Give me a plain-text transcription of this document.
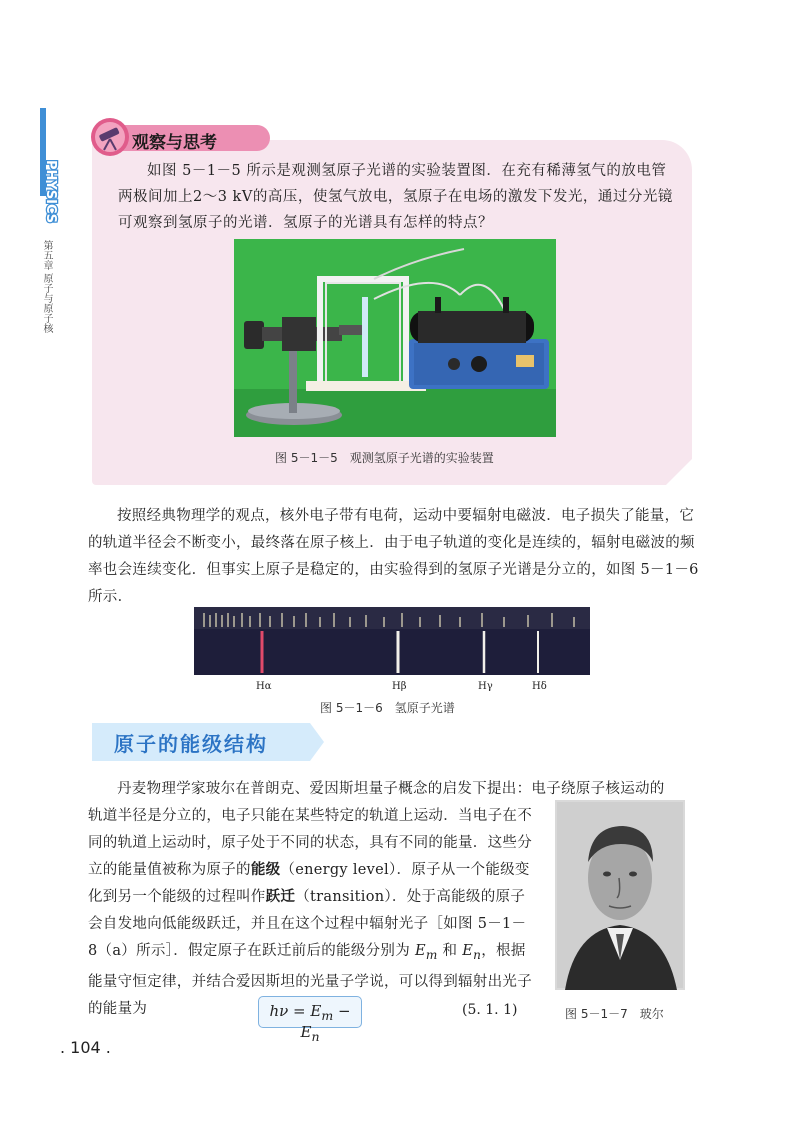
PHYSICS
第五章 原子与原子核
观察与思考
如图 5－1－5 所示是观测氢原子光谱的实验装置图．在充有稀薄氢气的放电管两极间加上2～3 kV的高压，使氢气放电，氢原子在电场的激发下发光，通过分光镜可观察到氢原子的光谱．氢原子的光谱具有怎样的特点？
图 5－1－5　观测氢原子光谱的实验装置
按照经典物理学的观点，核外电子带有电荷，运动中要辐射电磁波．电子损失了能量，它的轨道半径会不断变小，最终落在原子核上．由于电子轨道的变化是连续的，辐射电磁波的频率也会连续变化．但事实上原子是稳定的，由实验得到的氢原子光谱是分立的，如图 5－1－6 所示．
Hα	Hβ	Hγ	Hδ
图 5－1－6　氢原子光谱
原子的能级结构
丹麦物理学家玻尔在普朗克、爱因斯坦量子概念的启发下提出：电子绕原子核运动的
轨道半径是分立的，电子只能在某些特定的轨道上运动．当电子在不同的轨道上运动时，原子处于不同的状态，具有不同的能量．这些分立的能量值被称为原子的能级（energy level）．原子从一个能级变化到另一个能级的过程叫作跃迁（transition）．处于高能级的原子会自发地向低能级跃迁，并且在这个过程中辐射光子［如图 5－1－8（a）所示］．假定原子在跃迁前后的能级分别为 $E_m$ 和 $E_n$，根据能量守恒定律，并结合爱因斯坦的光量子学说，可以得到辐射出光子的能量为	图 5－1－7　玻尔
$h\nu = E_m - E_n$
(5. 1. 1)
. 104 .
